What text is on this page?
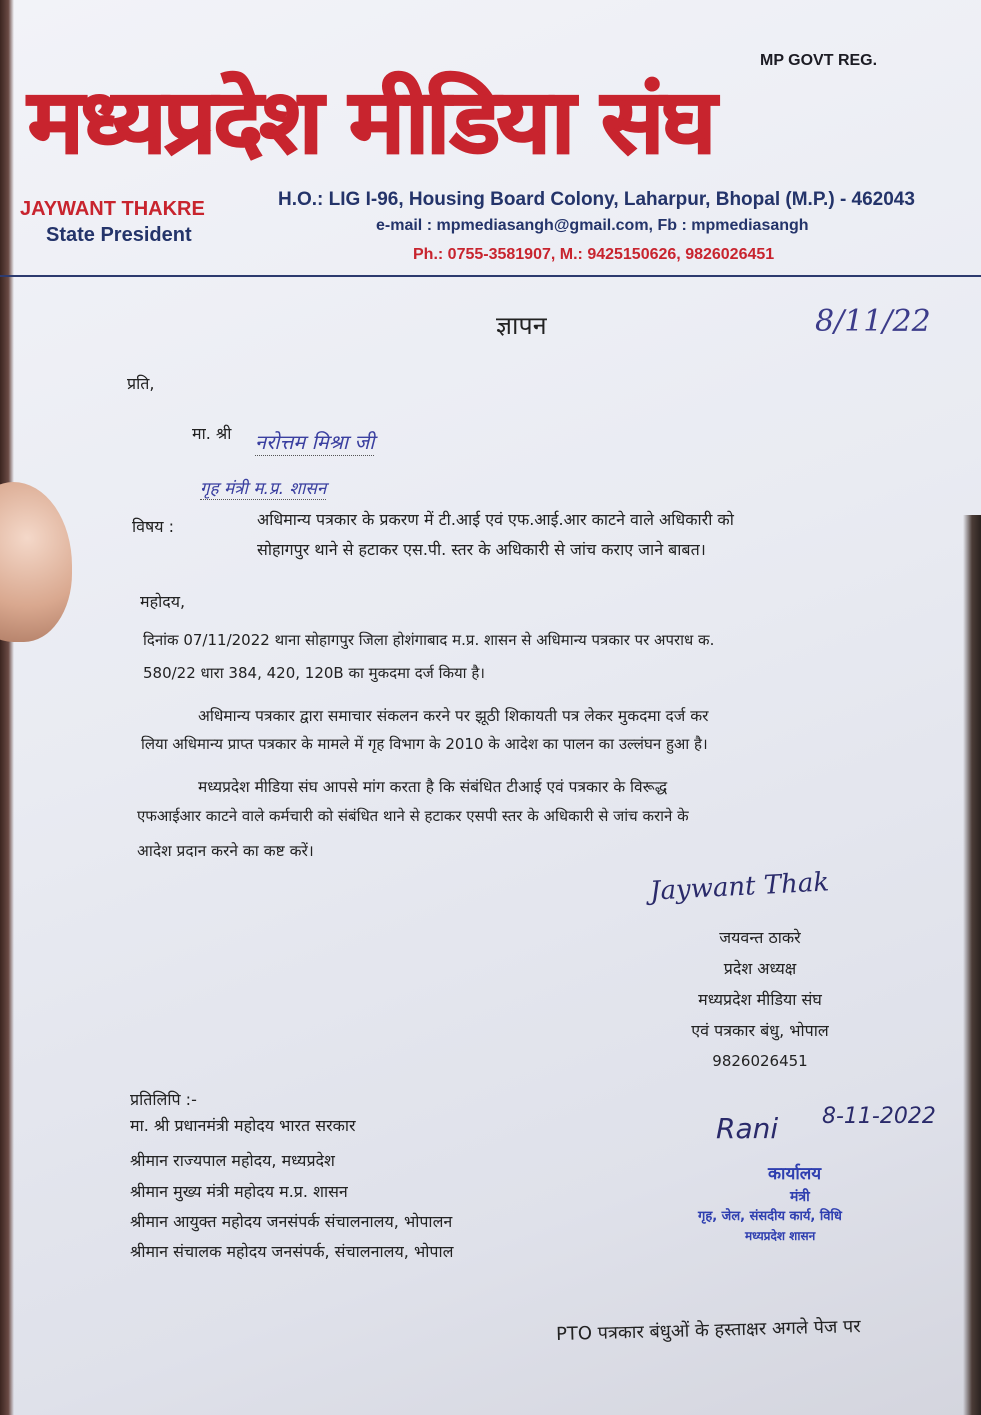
MP GOVT REG.
मध्यप्रदेश मीडिया संघ
JAYWANT THAKRE
State President
H.O.: LIG I-96, Housing Board Colony, Laharpur, Bhopal (M.P.) - 462043
e-mail : mpmediasangh@gmail.com, Fb : mpmediasangh
Ph.: 0755-3581907, M.: 9425150626, 9826026451
ज्ञापन	8/11/22
प्रति,
मा. श्री नरोत्तम मिश्रा जी
गृह मंत्री म.प्र. शासन
विषय :	अधिमान्य पत्रकार के प्रकरण में टी.आई एवं एफ.आई.आर काटने वाले अधिकारी को
सोहागपुर थाने से हटाकर एस.पी. स्तर के अधिकारी से जांच कराए जाने बाबत।
महोदय,
दिनांक 07/11/2022 थाना सोहागपुर जिला होशंगाबाद म.प्र. शासन से अधिमान्य पत्रकार पर अपराध क.
580/22 धारा 384, 420, 120B का मुकदमा दर्ज किया है।
अधिमान्य पत्रकार द्वारा समाचार संकलन करने पर झूठी शिकायती पत्र लेकर मुकदमा दर्ज कर
लिया अधिमान्य प्राप्त पत्रकार के मामले में गृह विभाग के 2010 के आदेश का पालन का उल्लंघन हुआ है।
मध्यप्रदेश मीडिया संघ आपसे मांग करता है कि संबंधित टीआई एवं पत्रकार के विरूद्ध
एफआईआर काटने वाले कर्मचारी को संबंधित थाने से हटाकर एसपी स्तर के अधिकारी से जांच कराने के
आदेश प्रदान करने का कष्ट करें।
Jaywant Thak
जयवन्त ठाकरे
प्रदेश अध्यक्ष
मध्यप्रदेश मीडिया संघ
एवं पत्रकार बंधु, भोपाल
9826026451
प्रतिलिपि :-
मा. श्री प्रधानमंत्री महोदय भारत सरकार
श्रीमान राज्यपाल महोदय, मध्यप्रदेश
श्रीमान मुख्य मंत्री महोदय म.प्र. शासन
श्रीमान आयुक्त महोदय जनसंपर्क संचालनालय, भोपालन
श्रीमान संचालक महोदय जनसंपर्क, संचालनालय, भोपाल
Rani 8-11-2022
कार्यालय
मंत्री
गृह, जेल, संसदीय कार्य, विधि
मध्यप्रदेश शासन
PTO पत्रकार बंधुओं के हस्ताक्षर अगले पेज पर
